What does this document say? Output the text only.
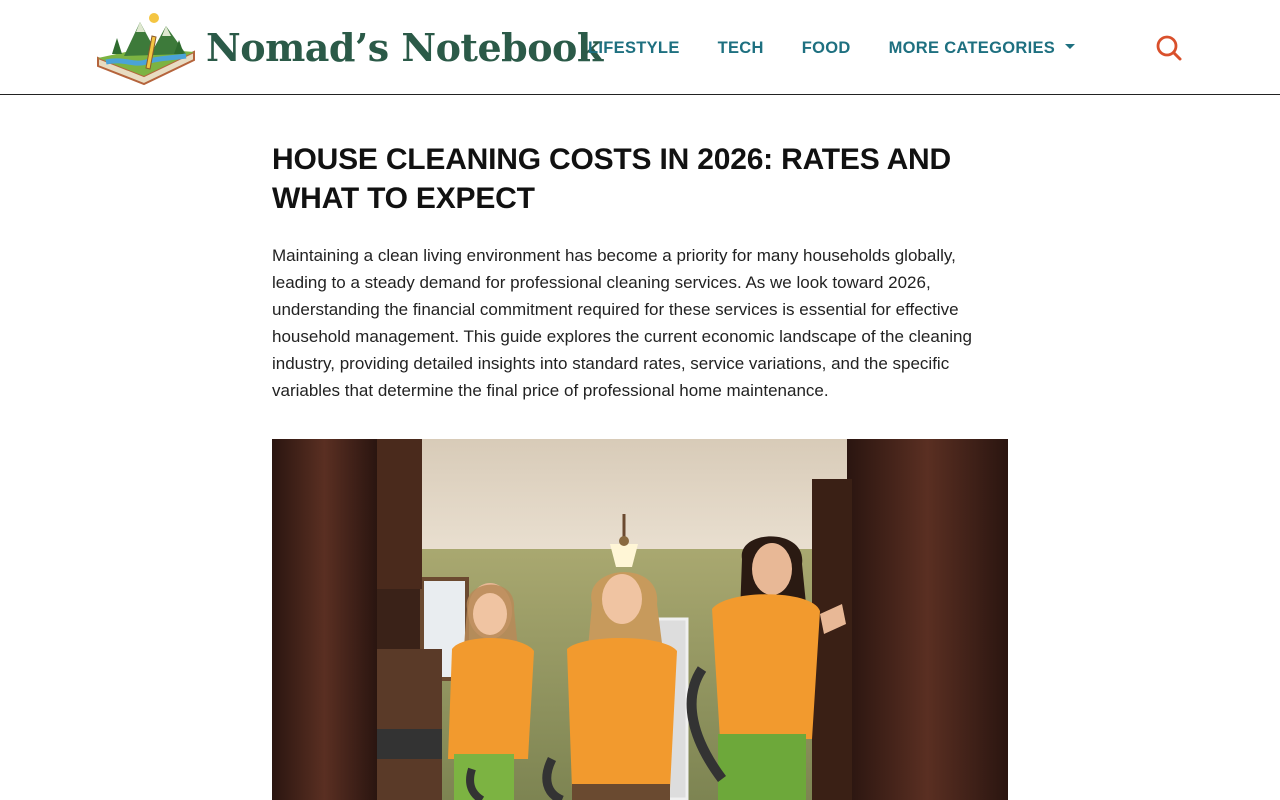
Nomad’s Notebook
LIFESTYLE TECH FOOD MORE CATEGORIES
HOUSE CLEANING COSTS IN 2026: RATES AND WHAT TO EXPECT

Maintaining a clean living environment has become a priority for many households globally, leading to a steady demand for professional cleaning services. As we look toward 2026, understanding the financial commitment required for these services is essential for effective household management. This guide explores the current economic landscape of the cleaning industry, providing detailed insights into standard rates, service variations, and the specific variables that determine the final price of professional home maintenance.
